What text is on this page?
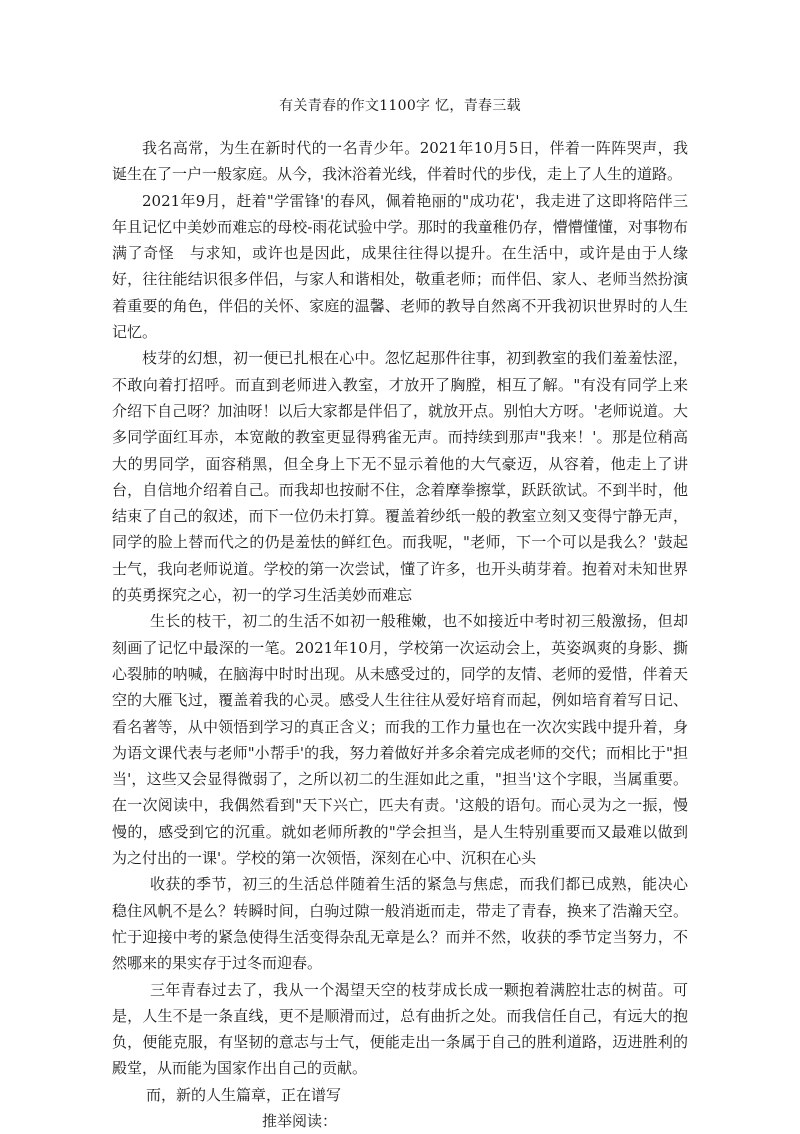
有关青春的作文1100字 忆，青春三载

我名高常，为生在新时代的一名青少年。2021年10月5日，伴着一阵阵哭声，我诞生在了一户一般家庭。从今，我沐浴着光线，伴着时代的步伐，走上了人生的道路。

2021年9月，赶着"学雷锋'的春风，佩着艳丽的"成功花'，我走进了这即将陪伴三年且记忆中美妙而难忘的母校-雨花试验中学。那时的我童稚仍存，懵懵懂懂，对事物布满了奇怪　与求知，或许也是因此，成果往往得以提升。在生活中，或许是由于人缘好，往往能结识很多伴侣，与家人和谐相处，敬重老师；而伴侣、家人、老师当然扮演着重要的角色，伴侣的关怀、家庭的温馨、老师的教导自然离不开我初识世界时的人生记忆。

枝芽的幻想，初一便已扎根在心中。忽忆起那件往事，初到教室的我们羞羞怯涩，不敢向着打招呼。而直到老师进入教室，才放开了胸膛，相互了解。"有没有同学上来介绍下自己呀？加油呀！以后大家都是伴侣了，就放开点。别怕大方呀。'老师说道。大多同学面红耳赤，本宽敞的教室更显得鸦雀无声。而持续到那声"我来！'。那是位稍高大的男同学，面容稍黑，但全身上下无不显示着他的大气豪迈，从容着，他走上了讲台，自信地介绍着自己。而我却也按耐不住，念着摩拳擦掌，跃跃欲试。不到半时，他结束了自己的叙述，而下一位仍未打算。覆盖着纱纸一般的教室立刻又变得宁静无声，同学的脸上替而代之的仍是羞怯的鲜红色。而我呢，"老师，下一个可以是我么？'鼓起士气，我向老师说道。学校的第一次尝试，懂了许多，也开头萌芽着。抱着对未知世界的英勇探究之心，初一的学习生活美妙而难忘

生长的枝干，初二的生活不如初一般稚嫩，也不如接近中考时初三般激扬，但却刻画了记忆中最深的一笔。2021年10月，学校第一次运动会上，英姿飒爽的身影、撕心裂肺的呐喊，在脑海中时时出现。从未感受过的，同学的友情、老师的爱惜，伴着天空的大雁飞过，覆盖着我的心灵。感受人生往往从爱好培育而起，例如培育着写日记、看名著等，从中领悟到学习的真正含义；而我的工作力量也在一次次实践中提升着，身为语文课代表与老师"小帮手'的我，努力着做好并多余着完成老师的交代；而相比于"担当'，这些又会显得微弱了，之所以初二的生涯如此之重，"担当'这个字眼，当属重要。在一次阅读中，我偶然看到"天下兴亡，匹夫有责。'这般的语句。而心灵为之一振，慢慢的，感受到它的沉重。就如老师所教的"学会担当，是人生特别重要而又最难以做到为之付出的一课'。学校的第一次领悟，深刻在心中、沉积在心头

收获的季节，初三的生活总伴随着生活的紧急与焦虑，而我们都已成熟，能决心稳住风帆不是么？转瞬时间，白驹过隙一般消逝而走，带走了青春，换来了浩瀚天空。忙于迎接中考的紧急使得生活变得杂乱无章是么？而并不然，收获的季节定当努力，不然哪来的果实存于过冬而迎春。

三年青春过去了，我从一个渴望天空的枝芽成长成一颗抱着满腔壮志的树苗。可是，人生不是一条直线，更不是顺滑而过，总有曲折之处。而我信任自己，有远大的抱负，便能克服，有坚韧的意志与士气，便能走出一条属于自己的胜利道路，迈进胜利的殿堂，从而能为国家作出自己的贡献。

而，新的人生篇章，正在谱写

推举阅读：
